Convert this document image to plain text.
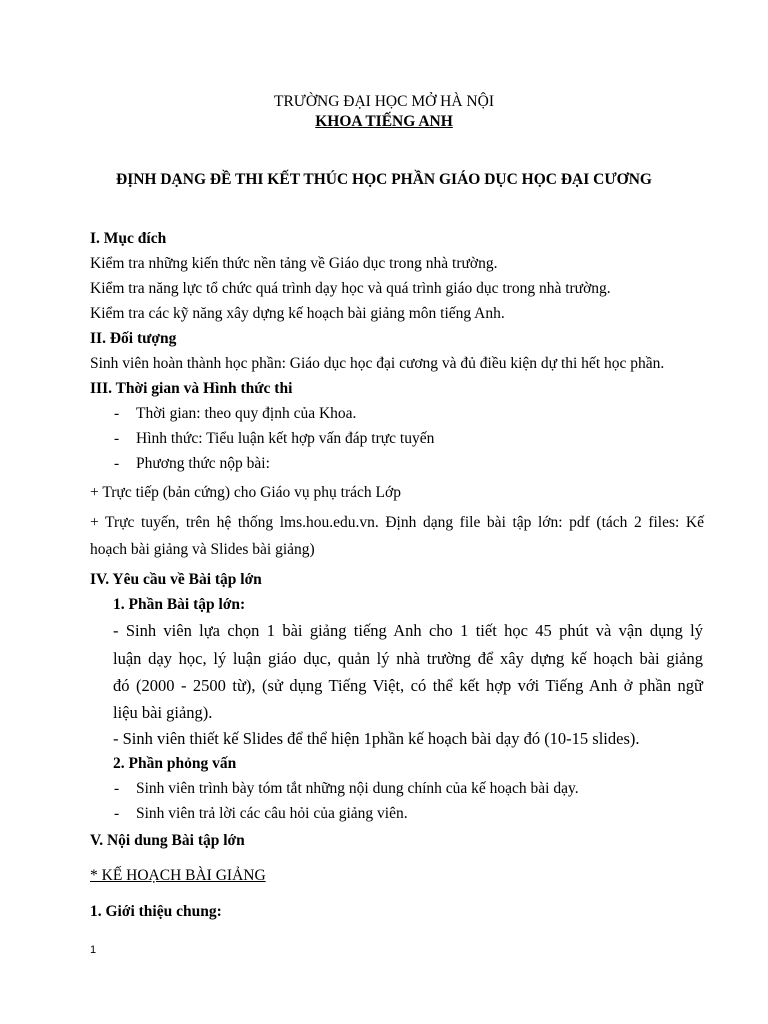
TRƯỜNG ĐẠI HỌC MỞ HÀ NỘI
KHOA TIẾNG ANH
ĐỊNH DẠNG ĐỀ THI KẾT THÚC HỌC PHẦN GIÁO DỤC HỌC ĐẠI CƯƠNG
I. Mục đích
Kiểm tra những kiến thức nền tảng về Giáo dục trong nhà trường.
Kiểm tra năng lực tổ chức quá trình dạy học và quá trình giáo dục trong nhà trường.
Kiểm tra các kỹ năng xây dựng kế hoạch bài giảng môn tiếng Anh.
II. Đối tượng
Sinh viên hoàn thành học phần: Giáo dục học đại cương và đủ điều kiện dự thi hết học phần.
III. Thời gian và Hình thức thi
- Thời gian: theo quy định của Khoa.
- Hình thức: Tiểu luận kết hợp vấn đáp trực tuyến
- Phương thức nộp bài:
+ Trực tiếp (bản cứng) cho Giáo vụ phụ trách Lớp
+ Trực tuyến, trên hệ thống lms.hou.edu.vn. Định dạng file bài tập lớn: pdf (tách 2 files: Kế
hoạch bài giảng và Slides bài giảng)
IV. Yêu cầu về Bài tập lớn
1. Phần Bài tập lớn:
- Sinh viên lựa chọn 1 bài giảng tiếng Anh cho 1 tiết học 45 phút và vận dụng lý
luận dạy học, lý luận giáo dục, quản lý nhà trường để xây dựng kế hoạch bài giảng
đó (2000 - 2500 từ), (sử dụng Tiếng Việt, có thể kết hợp với Tiếng Anh ở phần ngữ
liệu bài giảng).
- Sinh viên thiết kế Slides để thể hiện 1phần kế hoạch bài dạy đó (10-15 slides).
2. Phần phỏng vấn
- Sinh viên trình bày tóm tắt những nội dung chính của kế hoạch bài dạy.
- Sinh viên trả lời các câu hỏi của giảng viên.
V. Nội dung Bài tập lớn
* KẾ HOẠCH BÀI GIẢNG
1. Giới thiệu chung:
1
